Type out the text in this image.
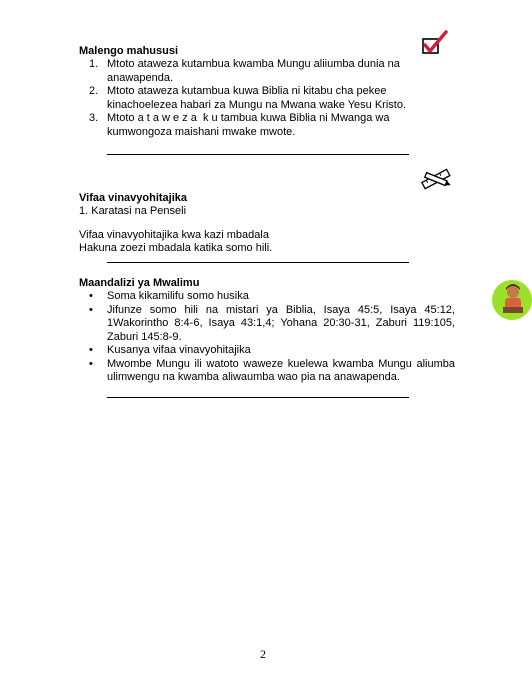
Malengo mahususi
1. Mtoto ataweza kutambua kwamba Mungu aliiumba dunia na anawapenda.
2. Mtoto ataweza kutambua kuwa Biblia ni kitabu cha pekee kinachoelezea habari za Mungu na Mwana wake Yesu Kristo.
3. Mtoto a t a w e z a  k u tambua kuwa Biblia ni Mwanga wa kumwongoza maishani mwake mwote.
Vifaa vinavyohitajika
1. Karatasi na Penseli
Vifaa vinavyohitajika kwa kazi mbadala
Hakuna zoezi mbadala katika somo hili.
Maandalizi ya Mwalimu
• Soma kikamilifu somo husika
• Jifunze somo hili na mistari ya Biblia, Isaya 45:5, Isaya 45:12, 1Wakorinthо 8:4-6, Isaya 43:1,4; Yohana 20:30-31, Zaburi 119:105, Zaburi 145:8-9.
• Kusanya vifaa vinavyohitajika
• Mwombe Mungu ili watoto waweze kuelewa kwamba Mungu aliumba ulimwengu na kwamba aliwaumba wao pia na anawapenda.
2
